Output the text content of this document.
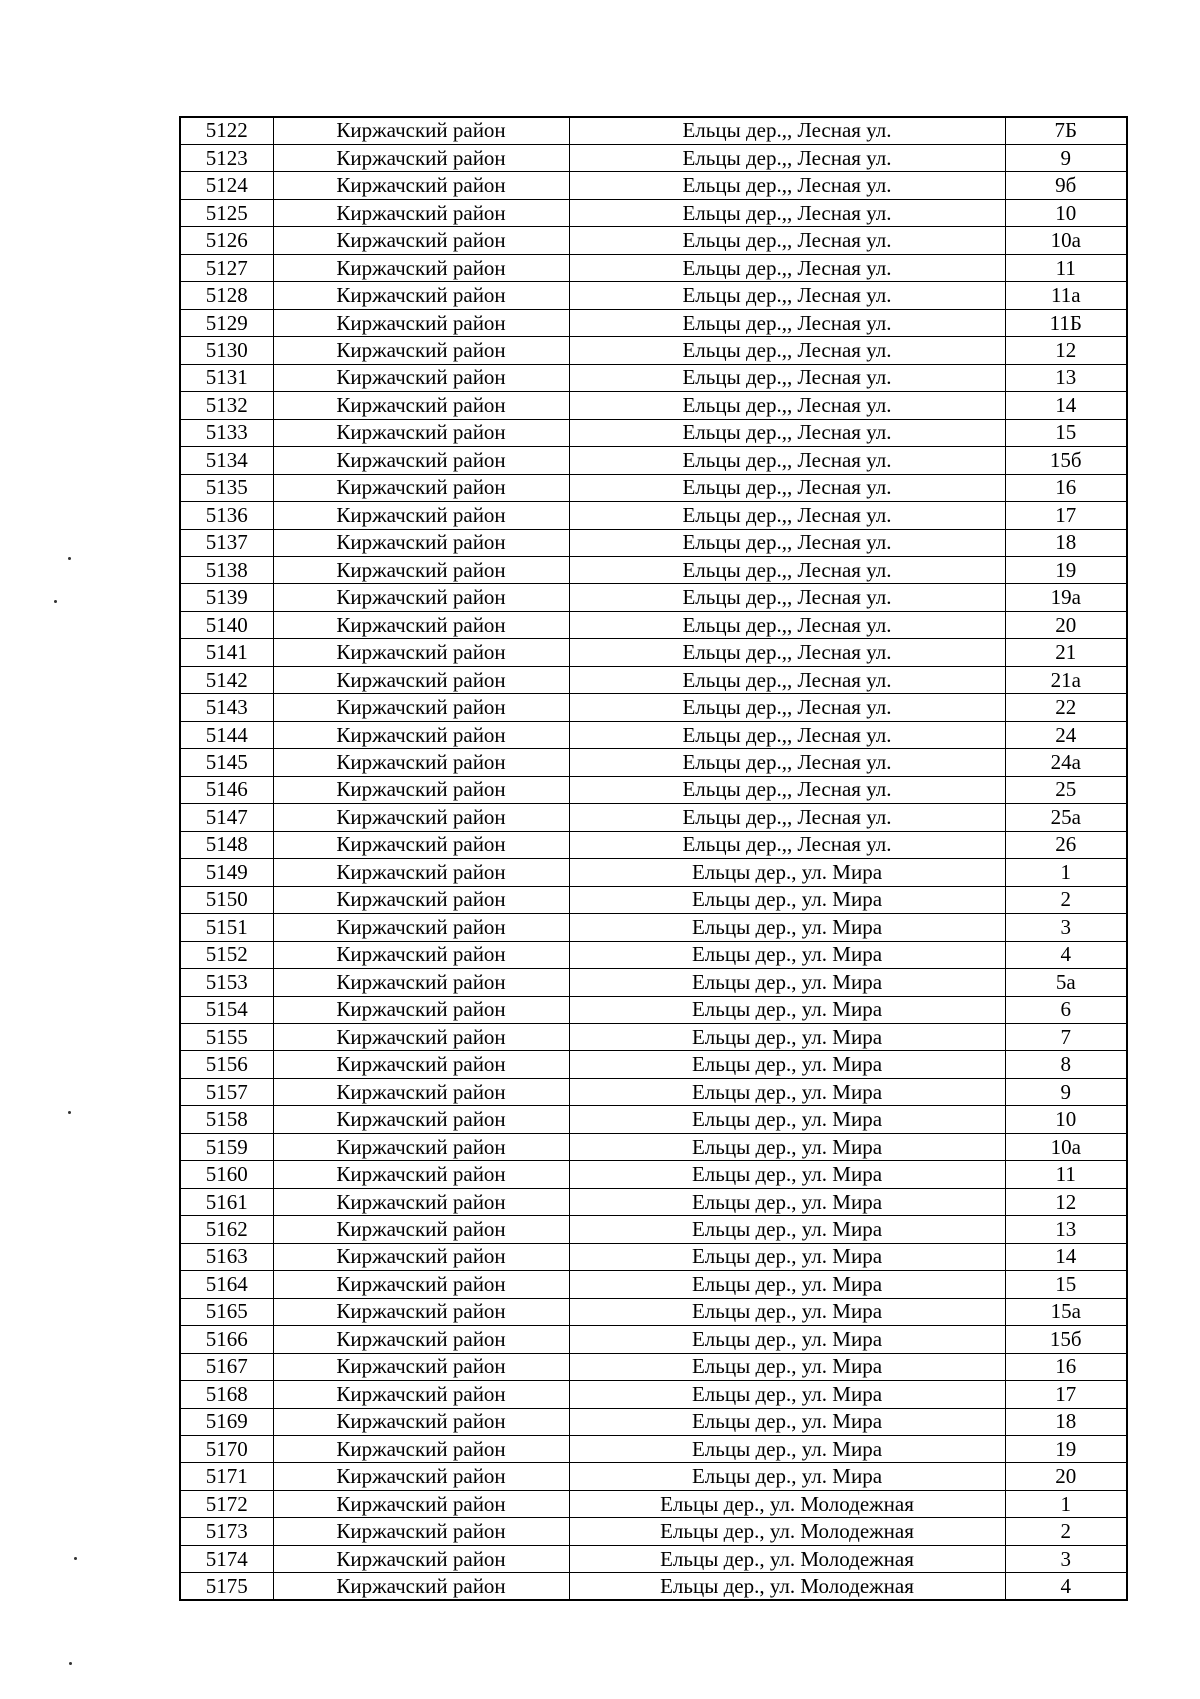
5122	Киржачский район	Ельцы дер.,, Лесная ул.	7Б
5123	Киржачский район	Ельцы дер.,, Лесная ул.	9
5124	Киржачский район	Ельцы дер.,, Лесная ул.	9б
5125	Киржачский район	Ельцы дер.,, Лесная ул.	10
5126	Киржачский район	Ельцы дер.,, Лесная ул.	10а
5127	Киржачский район	Ельцы дер.,, Лесная ул.	11
5128	Киржачский район	Ельцы дер.,, Лесная ул.	11а
5129	Киржачский район	Ельцы дер.,, Лесная ул.	11Б
5130	Киржачский район	Ельцы дер.,, Лесная ул.	12
5131	Киржачский район	Ельцы дер.,, Лесная ул.	13
5132	Киржачский район	Ельцы дер.,, Лесная ул.	14
5133	Киржачский район	Ельцы дер.,, Лесная ул.	15
5134	Киржачский район	Ельцы дер.,, Лесная ул.	15б
5135	Киржачский район	Ельцы дер.,, Лесная ул.	16
5136	Киржачский район	Ельцы дер.,, Лесная ул.	17
5137	Киржачский район	Ельцы дер.,, Лесная ул.	18
5138	Киржачский район	Ельцы дер.,, Лесная ул.	19
5139	Киржачский район	Ельцы дер.,, Лесная ул.	19а
5140	Киржачский район	Ельцы дер.,, Лесная ул.	20
5141	Киржачский район	Ельцы дер.,, Лесная ул.	21
5142	Киржачский район	Ельцы дер.,, Лесная ул.	21а
5143	Киржачский район	Ельцы дер.,, Лесная ул.	22
5144	Киржачский район	Ельцы дер.,, Лесная ул.	24
5145	Киржачский район	Ельцы дер.,, Лесная ул.	24а
5146	Киржачский район	Ельцы дер.,, Лесная ул.	25
5147	Киржачский район	Ельцы дер.,, Лесная ул.	25а
5148	Киржачский район	Ельцы дер.,, Лесная ул.	26
5149	Киржачский район	Ельцы дер., ул. Мира	1
5150	Киржачский район	Ельцы дер., ул. Мира	2
5151	Киржачский район	Ельцы дер., ул. Мира	3
5152	Киржачский район	Ельцы дер., ул. Мира	4
5153	Киржачский район	Ельцы дер., ул. Мира	5а
5154	Киржачский район	Ельцы дер., ул. Мира	6
5155	Киржачский район	Ельцы дер., ул. Мира	7
5156	Киржачский район	Ельцы дер., ул. Мира	8
5157	Киржачский район	Ельцы дер., ул. Мира	9
5158	Киржачский район	Ельцы дер., ул. Мира	10
5159	Киржачский район	Ельцы дер., ул. Мира	10а
5160	Киржачский район	Ельцы дер., ул. Мира	11
5161	Киржачский район	Ельцы дер., ул. Мира	12
5162	Киржачский район	Ельцы дер., ул. Мира	13
5163	Киржачский район	Ельцы дер., ул. Мира	14
5164	Киржачский район	Ельцы дер., ул. Мира	15
5165	Киржачский район	Ельцы дер., ул. Мира	15а
5166	Киржачский район	Ельцы дер., ул. Мира	15б
5167	Киржачский район	Ельцы дер., ул. Мира	16
5168	Киржачский район	Ельцы дер., ул. Мира	17
5169	Киржачский район	Ельцы дер., ул. Мира	18
5170	Киржачский район	Ельцы дер., ул. Мира	19
5171	Киржачский район	Ельцы дер., ул. Мира	20
5172	Киржачский район	Ельцы дер., ул. Молодежная	1
5173	Киржачский район	Ельцы дер., ул. Молодежная	2
5174	Киржачский район	Ельцы дер., ул. Молодежная	3
5175	Киржачский район	Ельцы дер., ул. Молодежная	4
